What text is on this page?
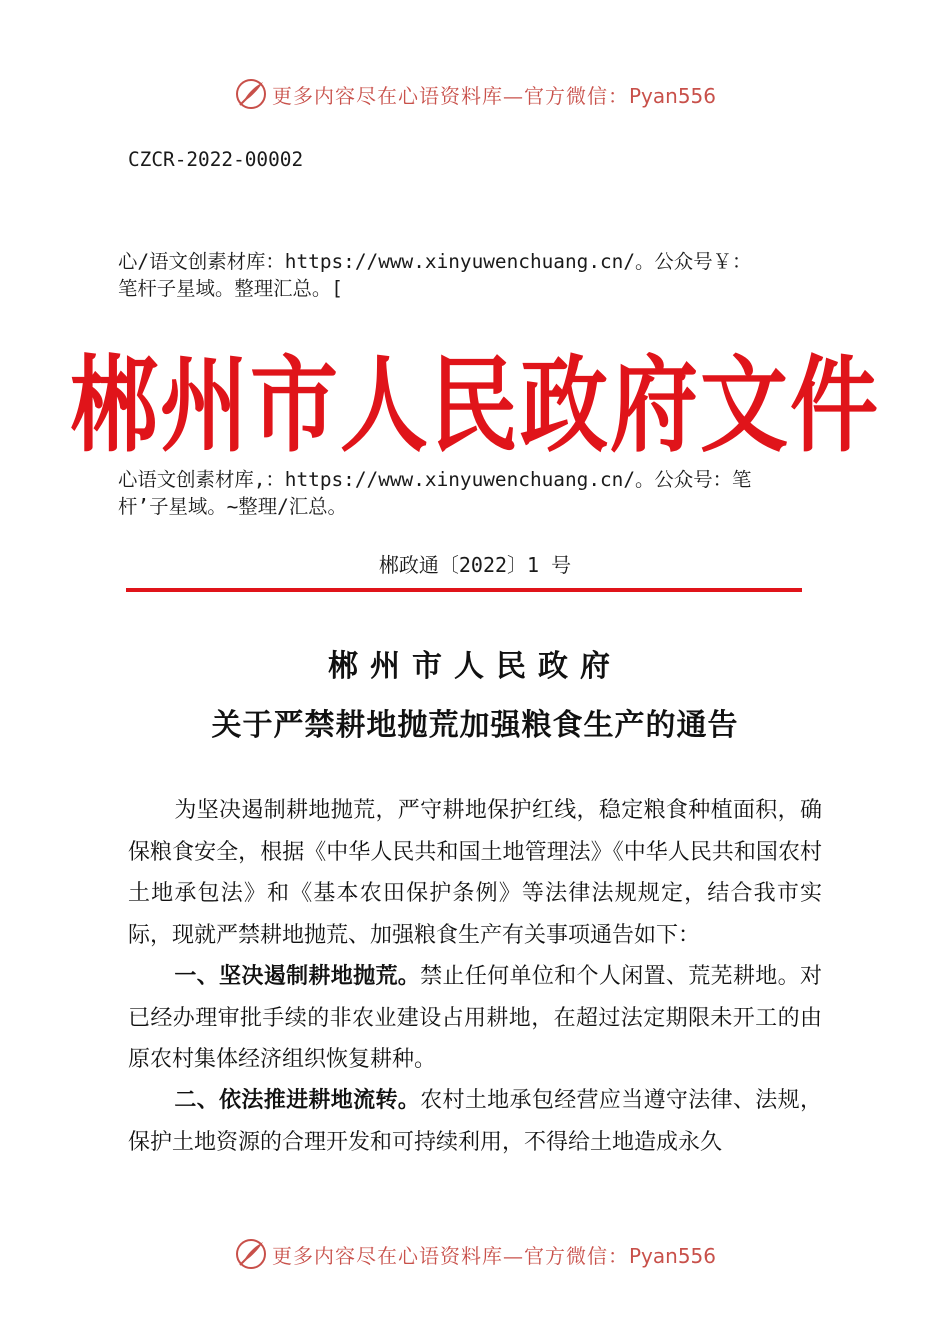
更多内容尽在心语资料库—官方微信：Pyan556
CZCR-2022-00002
心/语文创素材库：https://www.xinyuwenchuang.cn/。公众号￥：
笔杆子星域。整理汇总。[
郴州市人民政府文件
心语文创素材库,：https://www.xinyuwenchuang.cn/。公众号：笔
杆’子星域。~整理/汇总。
郴政通〔2022〕1 号
郴州市人民政府
关于严禁耕地抛荒加强粮食生产的通告

为坚决遏制耕地抛荒，严守耕地保护红线，稳定粮食种植面积，确保粮食安全，根据《中华人民共和国土地管理法》《中华人民共和国农村土地承包法》和《基本农田保护条例》等法律法规规定，结合我市实际，现就严禁耕地抛荒、加强粮食生产有关事项通告如下：

一、坚决遏制耕地抛荒。禁止任何单位和个人闲置、荒芜耕地。对已经办理审批手续的非农业建设占用耕地，在超过法定期限未开工的由原农村集体经济组织恢复耕种。

二、依法推进耕地流转。农村土地承包经营应当遵守法律、法规，保护土地资源的合理开发和可持续利用，不得给土地造成永久

更多内容尽在心语资料库—官方微信：Pyan556
